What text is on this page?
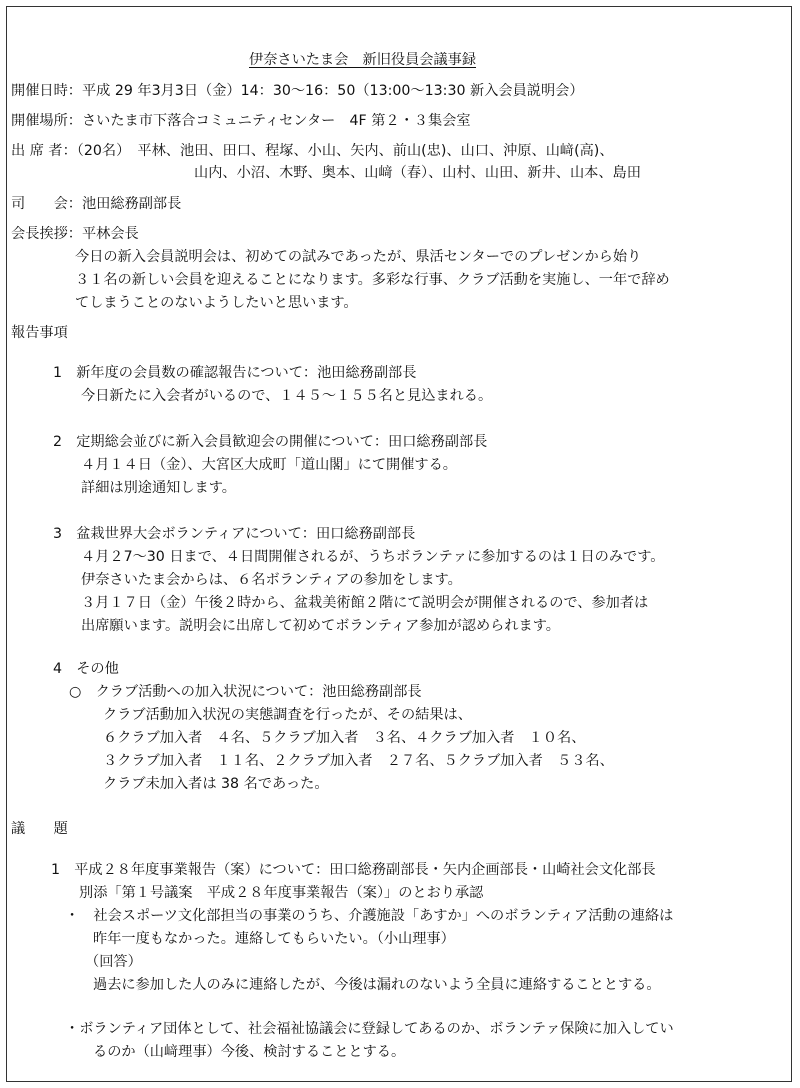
伊奈さいたま会　新旧役員会議事録
開催日時：平成 29 年3月3日（金）14：30～16：50（13:00～13:30 新入会員説明会）
開催場所：さいたま市下落合コミュニティセンター　4F 第２・３集会室
出 席 者：（20名）　平林、池田、田口、程塚、小山、矢内、前山(忠)、山口、沖原、山﨑(高)、
山内、小沼、木野、奥本、山﨑（春）、山村、山田、新井、山本、島田
司　　会：池田総務副部長
会長挨拶：平林会長
今日の新入会員説明会は、初めての試みであったが、県活センターでのプレゼンから始り
３１名の新しい会員を迎えることになります。多彩な行事、クラブ活動を実施し、一年で辞め
てしまうことのないようしたいと思います。
報告事項
1　新年度の会員数の確認報告について：池田総務副部長
今日新たに入会者がいるので、１４５～１５５名と見込まれる。
2　定期総会並びに新入会員歓迎会の開催について：田口総務副部長
４月１４日（金）、大宮区大成町「道山閣」にて開催する。
詳細は別途通知します。
3　盆栽世界大会ボランティアについて：田口総務副部長
４月２7～30 日まで、４日間開催されるが、うちボランテァに参加するのは１日のみです。
伊奈さいたま会からは、６名ボランティアの参加をします。
３月１７日（金）午後２時から、盆栽美術館２階にて説明会が開催されるので、参加者は
出席願います。説明会に出席して初めてボランティア参加が認められます。
4　その他
○　クラブ活動への加入状況について：池田総務副部長
クラブ活動加入状況の実態調査を行ったが、その結果は、
６クラブ加入者　４名、５クラブ加入者　３名、４クラブ加入者　１０名、
３クラブ加入者　１１名、２クラブ加入者　２７名、５クラブ加入者　５３名、
クラブ未加入者は 38 名であった。
議　　題
1　平成２８年度事業報告（案）について：田口総務副部長・矢内企画部長・山崎社会文化部長
別添「第１号議案　平成２８年度事業報告（案）」のとおり承認
・　社会スポーツ文化部担当の事業のうち、介護施設「あすか」へのボランティア活動の連絡は
昨年一度もなかった。連絡してもらいたい。（小山理事）
（回答）
過去に参加した人のみに連絡したが、今後は漏れのないよう全員に連絡することとする。
・ボランティア団体として、社会福祉協議会に登録してあるのか、ボランテァ保険に加入してい
るのか（山﨑理事）今後、検討することとする。
